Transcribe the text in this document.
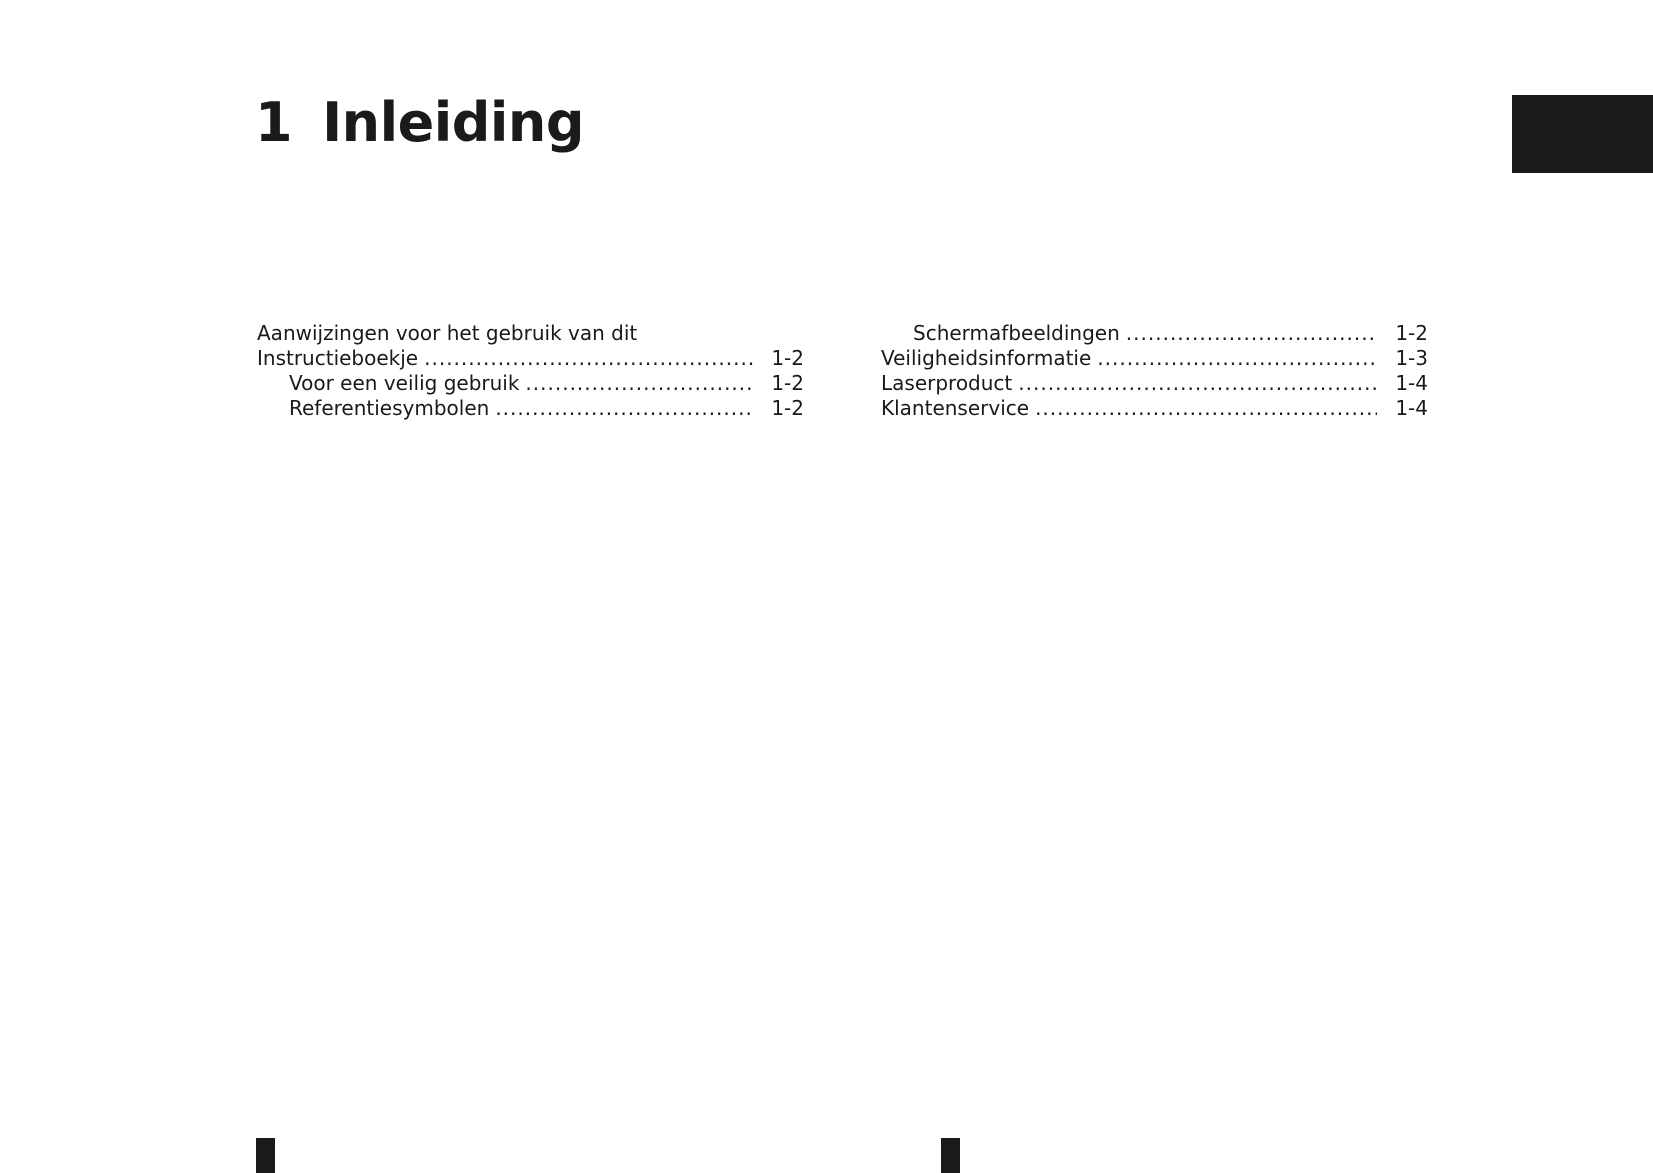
1 Inleiding
Aanwijzingen voor het gebruik van dit
Instructieboekje .....	1-2
Voor een veilig gebruik .....	1-2
Referentiesymbolen .....	1-2
Schermafbeeldingen .....	1-2
Veiligheidsinformatie .....	1-3
Laserproduct .....	1-4
Klantenservice .....	1-4
